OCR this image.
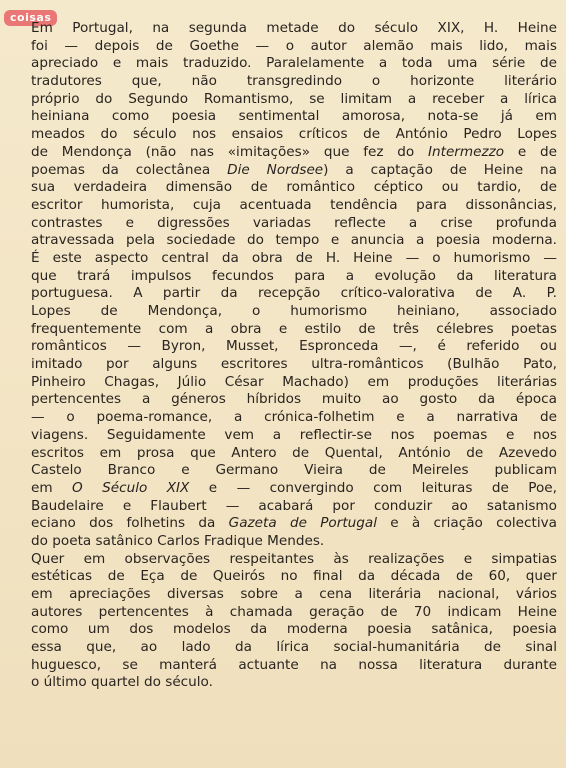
coisas
Em Portugal, na segunda metade do século XIX, H. Heine
foi — depois de Goethe — o autor alemão mais lido, mais
apreciado e mais traduzido. Paralelamente a toda uma série de
tradutores que, não transgredindo o horizonte literário
próprio do Segundo Romantismo, se limitam a receber a lírica
heiniana como poesia sentimental amorosa, nota-se já em
meados do século nos ensaios críticos de António Pedro Lopes
de Mendonça (não nas «imitações» que fez do Intermezzo e de
poemas da colectânea Die Nordsee) a captação de Heine na
sua verdadeira dimensão de romântico céptico ou tardio, de
escritor humorista, cuja acentuada tendência para dissonâncias,
contrastes e digressões variadas reflecte a crise profunda
atravessada pela sociedade do tempo e anuncia a poesia moderna.
É este aspecto central da obra de H. Heine — o humorismo —
que trará impulsos fecundos para a evolução da literatura
portuguesa. A partir da recepção crítico-valorativa de A. P.
Lopes de Mendonça, o humorismo heiniano, associado
frequentemente com a obra e estilo de três célebres poetas
românticos — Byron, Musset, Espronceda —, é referido ou
imitado por alguns escritores ultra-românticos (Bulhão Pato,
Pinheiro Chagas, Júlio César Machado) em produções literárias
pertencentes a géneros híbridos muito ao gosto da época
— o poema-romance, a crónica-folhetim e a narrativa de
viagens. Seguidamente vem a reflectir-se nos poemas e nos
escritos em prosa que Antero de Quental, António de Azevedo
Castelo Branco e Germano Vieira de Meireles publicam
em O Século XIX e — convergindo com leituras de Poe,
Baudelaire e Flaubert — acabará por conduzir ao satanismo
eciano dos folhetins da Gazeta de Portugal e à criação colectiva
do poeta satânico Carlos Fradique Mendes.
Quer em observações respeitantes às realizações e simpatias
estéticas de Eça de Queirós no final da década de 60, quer
em apreciações diversas sobre a cena literária nacional, vários
autores pertencentes à chamada geração de 70 indicam Heine
como um dos modelos da moderna poesia satânica, poesia
essa que, ao lado da lírica social-humanitária de sinal
huguesco, se manterá actuante na nossa literatura durante
o último quartel do século.
